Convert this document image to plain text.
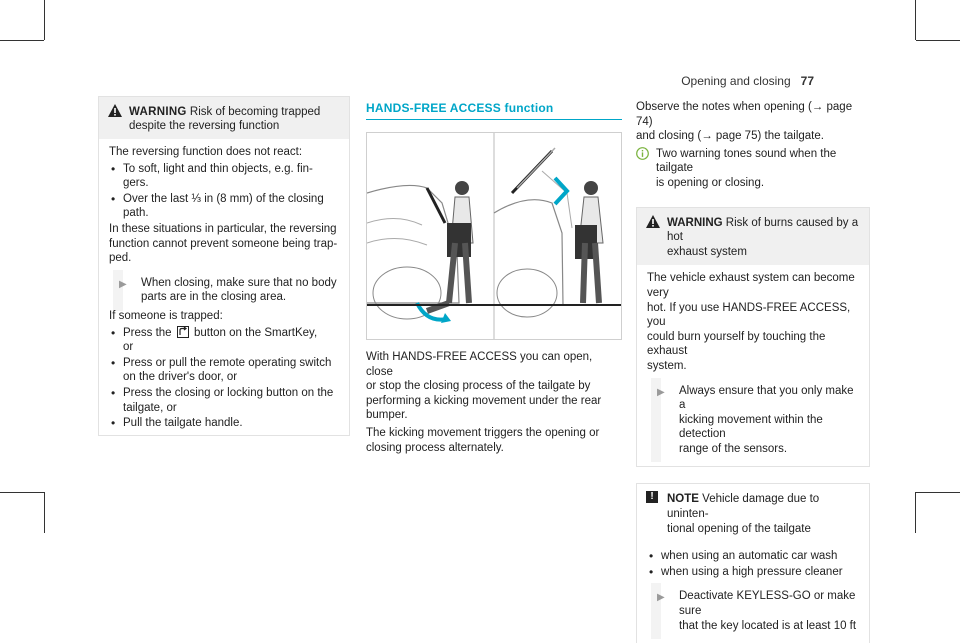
Opening and closing 77
WARNING Risk of becoming trapped
despite the reversing function

The reversing function does not react:

• To soft, light and thin objects, e.g. fin-
gers.
• Over the last ⅓ in (8 mm) of the closing
path.

In these situations in particular, the reversing
function cannot prevent someone being trap-
ped.

▶ When closing, make sure that no body
parts are in the closing area.

If someone is trapped:

• Press the button on the SmartKey,
or
• Press or pull the remote operating switch
on the driver's door, or
• Press the closing or locking button on the
tailgate, or
• Pull the tailgate handle.
HANDS-FREE ACCESS function

With HANDS-FREE ACCESS you can open, close
or stop the closing process of the tailgate by
performing a kicking movement under the rear
bumper.

The kicking movement triggers the opening or
closing process alternately.

Observe the notes when opening (→ page 74)
and closing (→ page 75) the tailgate.

Two warning tones sound when the tailgate
is opening or closing.
WARNING Risk of burns caused by a hot
exhaust system

The vehicle exhaust system can become very
hot. If you use HANDS-FREE ACCESS, you
could burn yourself by touching the exhaust
system.

▶ Always ensure that you only make a
kicking movement within the detection
range of the sensors.
!	NOTE Vehicle damage due to uninten-
tional opening of the tailgate
• when using an automatic car wash
• when using a high pressure cleaner
▶ Deactivate KEYLESS-GO or make sure
that the key located is at least 10 ft
